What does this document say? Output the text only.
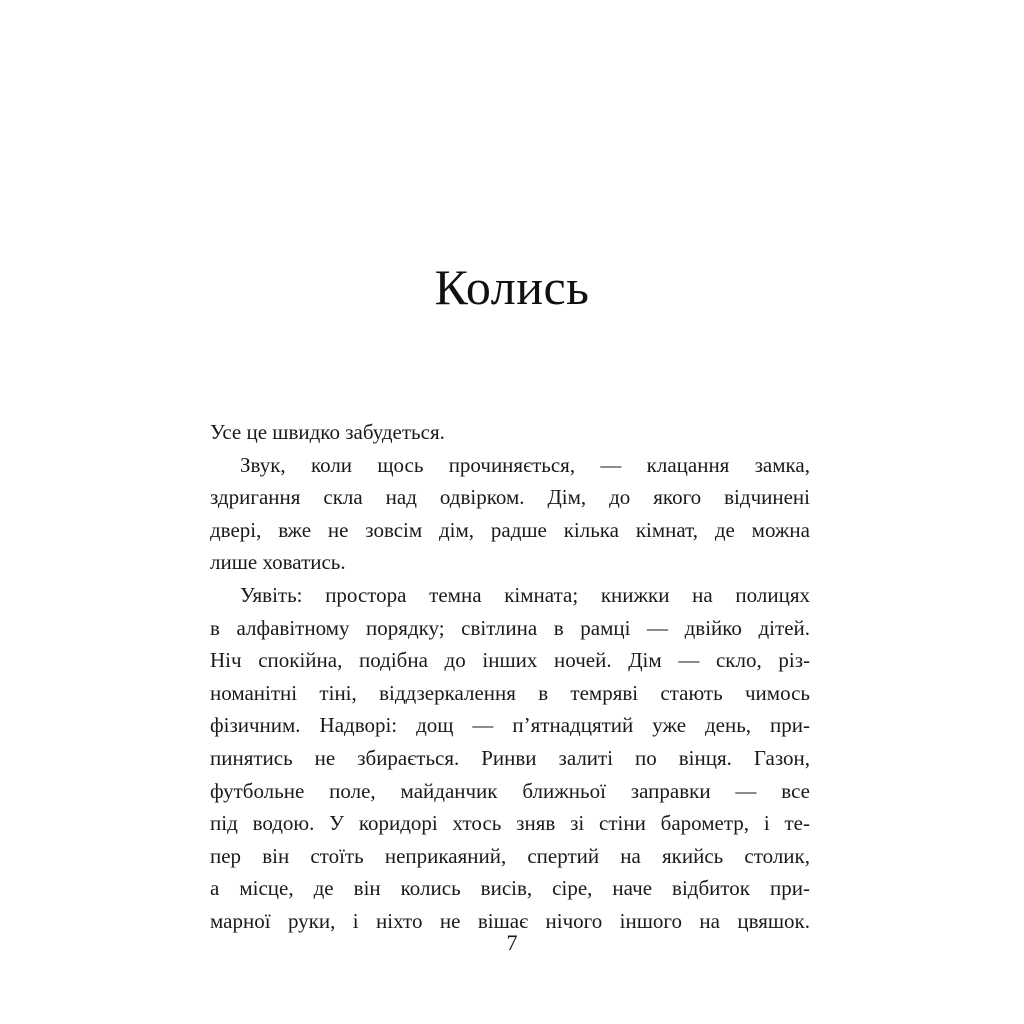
Колись
Усе це швидко забудеться.
Звук, коли щось прочиняється, — клацання замка,
здригання скла над одвірком. Дім, до якого відчинені
двері, вже не зовсім дім, радше кілька кімнат, де можна
лише ховатись.
Уявіть: простора темна кімната; книжки на полицях
в алфавітному порядку; світлина в рамці — двійко дітей.
Ніч спокійна, подібна до інших ночей. Дім — скло, різ-
номанітні тіні, віддзеркалення в темряві стають чимось
фізичним. Надворі: дощ — п’ятнадцятий уже день, при-
пинятись не збирається. Ринви залиті по вінця. Газон,
футбольне поле, майданчик ближньої заправки — все
під водою. У коридорі хтось зняв зі стіни барометр, і те-
пер він стоїть неприкаяний, спертий на якийсь столик,
а місце, де він колись висів, сіре, наче відбиток при-
марної руки, і ніхто не вішає нічого іншого на цвяшок.
7
